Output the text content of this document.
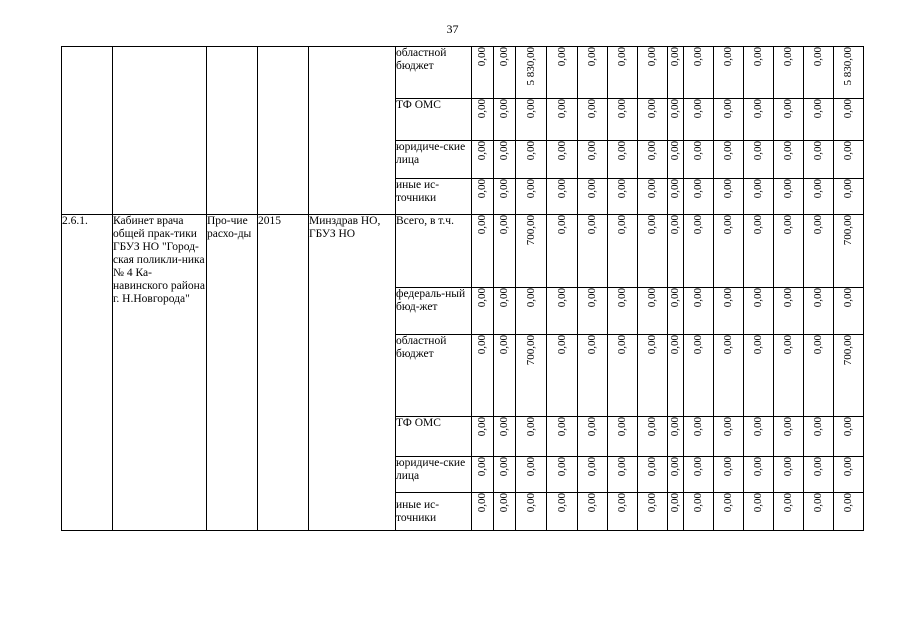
37
					областной бюджет	0,00	0,00	5 830,00	0,00	0,00	0,00	0,00	0,00	0,00	0,00	0,00	0,00	0,00	5 830,00
					ТФ ОМС	0,00	0,00	0,00	0,00	0,00	0,00	0,00	0,00	0,00	0,00	0,00	0,00	0,00	0,00
					юридиче-ские лица	0,00	0,00	0,00	0,00	0,00	0,00	0,00	0,00	0,00	0,00	0,00	0,00	0,00	0,00
					иные ис-точники	0,00	0,00	0,00	0,00	0,00	0,00	0,00	0,00	0,00	0,00	0,00	0,00	0,00	0,00
2.6.1.	Кабинет врача общей прак-тики ГБУЗ НО "Город-ская поликли-ника № 4 Ка-навинского района г. Н.Новгорода"	Про-чие расхо-ды	2015	Минздрав НО, ГБУЗ НО	Всего, в т.ч.	0,00	0,00	700,00	0,00	0,00	0,00	0,00	0,00	0,00	0,00	0,00	0,00	0,00	700,00
					федераль-ный бюд-жет	0,00	0,00	0,00	0,00	0,00	0,00	0,00	0,00	0,00	0,00	0,00	0,00	0,00	0,00
					областной бюджет	0,00	0,00	700,00	0,00	0,00	0,00	0,00	0,00	0,00	0,00	0,00	0,00	0,00	700,00
					ТФ ОМС	0,00	0,00	0,00	0,00	0,00	0,00	0,00	0,00	0,00	0,00	0,00	0,00	0,00	0,00
					юридиче-ские лица	0,00	0,00	0,00	0,00	0,00	0,00	0,00	0,00	0,00	0,00	0,00	0,00	0,00	0,00
					иные ис-точники	0,00	0,00	0,00	0,00	0,00	0,00	0,00	0,00	0,00	0,00	0,00	0,00	0,00	0,00
